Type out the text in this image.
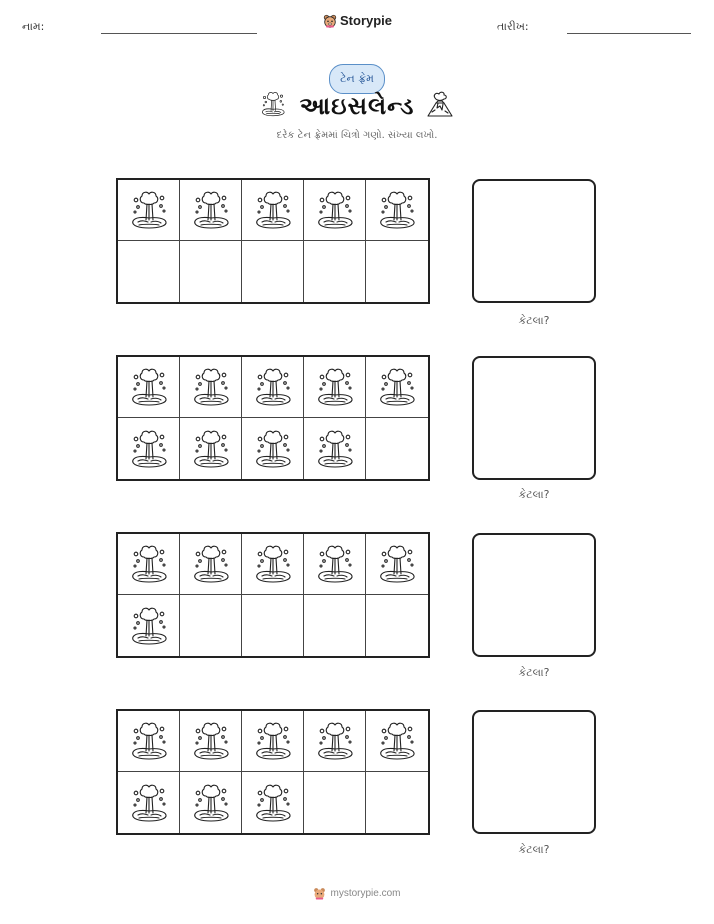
નામ:	Storypie	તારીખ:
ટેન ફ્રેમ
આઇસલેન્ડ
દરેક ટેન ફ્રેમમાં ચિત્રો ગણો. સંખ્યા લખો.
કેટલા?
કેટલા?
કેટલા?
કેટલા?
mystorypie.com
